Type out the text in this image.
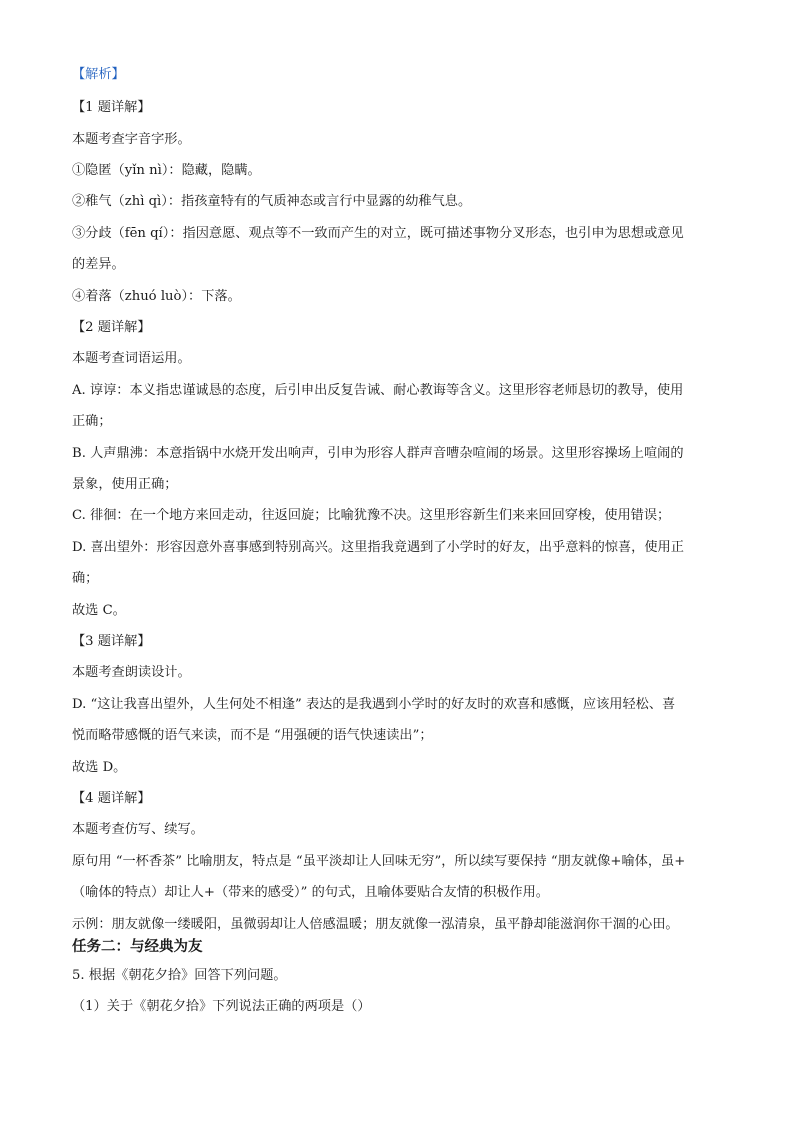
【解析】
【1 题详解】
本题考查字音字形。
①隐匿（yǐn nì）：隐藏，隐瞒。
②稚气（zhì qì）：指孩童特有的气质神态或言行中显露的幼稚气息。
③分歧（fēn qí）：指因意愿、观点等不一致而产生的对立，既可描述事物分叉形态，也引申为思想或意见
的差异。
④着落（zhuó luò）：下落。
【2 题详解】
本题考查词语运用。
A. 谆谆：本义指忠谨诚恳的态度，后引申出反复告诫、耐心教诲等含义。这里形容老师恳切的教导，使用
正确；
B. 人声鼎沸：本意指锅中水烧开发出响声，引申为形容人群声音嘈杂喧闹的场景。这里形容操场上喧闹的
景象，使用正确；
C. 徘徊：在一个地方来回走动，往返回旋；比喻犹豫不决。这里形容新生们来来回回穿梭，使用错误；
D. 喜出望外：形容因意外喜事感到特别高兴。这里指我竟遇到了小学时的好友，出乎意料的惊喜，使用正
确；
故选 C。
【3 题详解】
本题考查朗读设计。
D. “这让我喜出望外，人生何处不相逢” 表达的是我遇到小学时的好友时的欢喜和感慨，应该用轻松、喜
悦而略带感慨的语气来读，而不是 “用强硬的语气快速读出”；
故选 D。
【4 题详解】
本题考查仿写、续写。
原句用 “一杯香茶” 比喻朋友，特点是 “虽平淡却让人回味无穷”，所以续写要保持 “朋友就像+喻体，虽+
（喻体的特点）却让人+（带来的感受）” 的句式，且喻体要贴合友情的积极作用。
示例：朋友就像一缕暖阳，虽微弱却让人倍感温暖；朋友就像一泓清泉，虽平静却能滋润你干涸的心田。
任务二：与经典为友
5. 根据《朝花夕拾》回答下列问题。
（1）关于《朝花夕拾》下列说法正确的两项是（）
